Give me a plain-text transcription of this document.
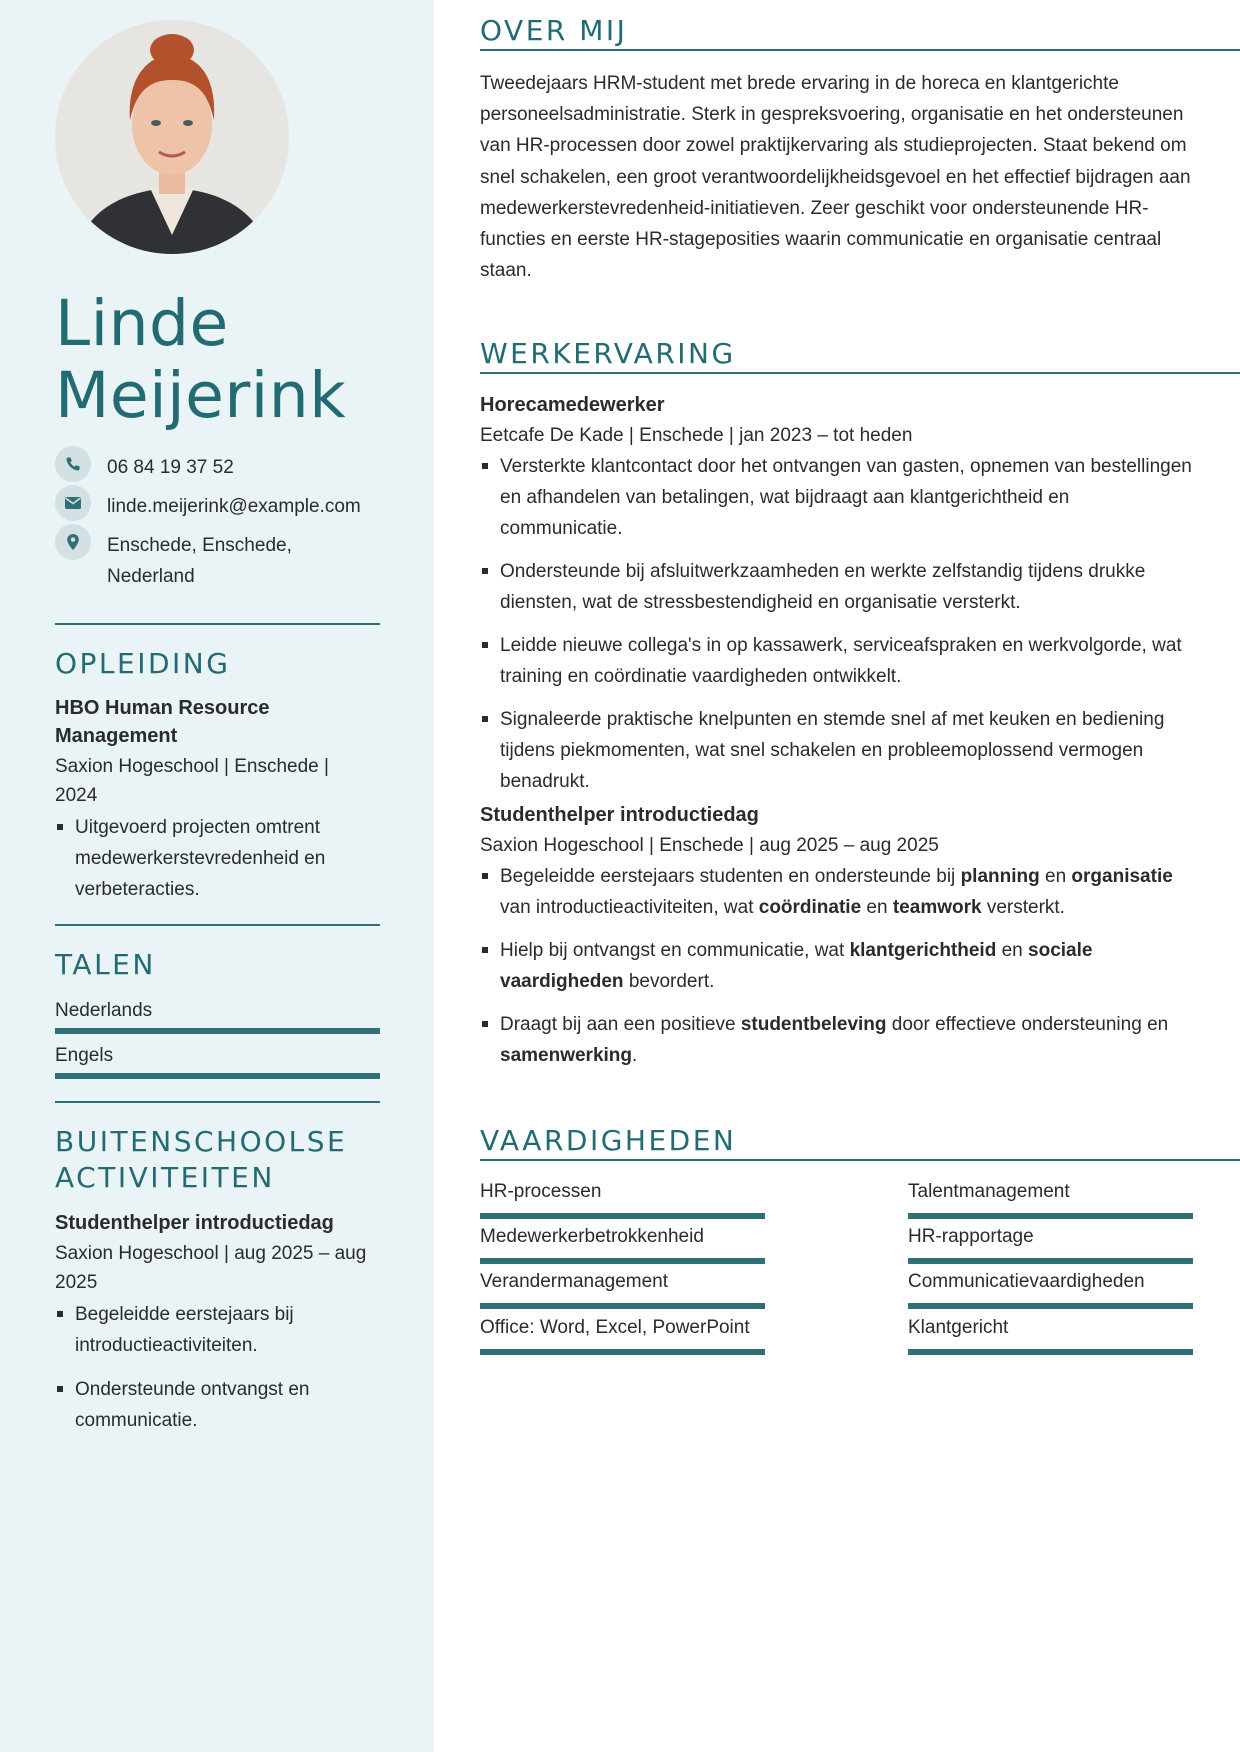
Linde
Meijerink
06 84 19 37 52
linde.meijerink@example.com
Enschede, Enschede,
Nederland
OPLEIDING
HBO Human Resource
Management
Saxion Hogeschool | Enschede |
2024
Uitgevoerd projecten omtrent medewerkerstevredenheid en verbeteracties.
TALEN
Nederlands
Engels
BUITENSCHOOLSE
ACTIVITEITEN
Studenthelper introductiedag
Saxion Hogeschool | aug 2025 – aug
2025
Begeleidde eerstejaars bij introductieactiviteiten.
Ondersteunde ontvangst en communicatie.
OVER MIJ
Tweedejaars HRM-student met brede ervaring in de horeca en klantgerichte personeelsadministratie. Sterk in gespreksvoering, organisatie en het ondersteunen van HR-processen door zowel praktijkervaring als studieprojecten. Staat bekend om snel schakelen, een groot verantwoordelijkheidsgevoel en het effectief bijdragen aan medewerkerstevredenheid-initiatieven. Zeer geschikt voor ondersteunende HR-functies en eerste HR-stageposities waarin communicatie en organisatie centraal staan.
WERKERVARING
Horecamedewerker
Eetcafe De Kade | Enschede | jan 2023 – tot heden
Versterkte klantcontact door het ontvangen van gasten, opnemen van bestellingen en afhandelen van betalingen, wat bijdraagt aan klantgerichtheid en communicatie.
Ondersteunde bij afsluitwerkzaamheden en werkte zelfstandig tijdens drukke diensten, wat de stressbestendigheid en organisatie versterkt.
Leidde nieuwe collega's in op kassawerk, serviceafspraken en werkvolgorde, wat training en coördinatie vaardigheden ontwikkelt.
Signaleerde praktische knelpunten en stemde snel af met keuken en bediening tijdens piekmomenten, wat snel schakelen en probleemoplossend vermogen benadrukt.
Studenthelper introductiedag
Saxion Hogeschool | Enschede | aug 2025 – aug 2025
Begeleidde eerstejaars studenten en ondersteunde bij planning en organisatie van introductieactiviteiten, wat coördinatie en teamwork versterkt.
Hielp bij ontvangst en communicatie, wat klantgerichtheid en sociale vaardigheden bevordert.
Draagt bij aan een positieve studentbeleving door effectieve ondersteuning en samenwerking.
VAARDIGHEDEN
HR-processen	Talentmanagement
Medewerkerbetrokkenheid	HR-rapportage
Verandermanagement	Communicatievaardigheden
Office: Word, Excel, PowerPoint	Klantgericht
